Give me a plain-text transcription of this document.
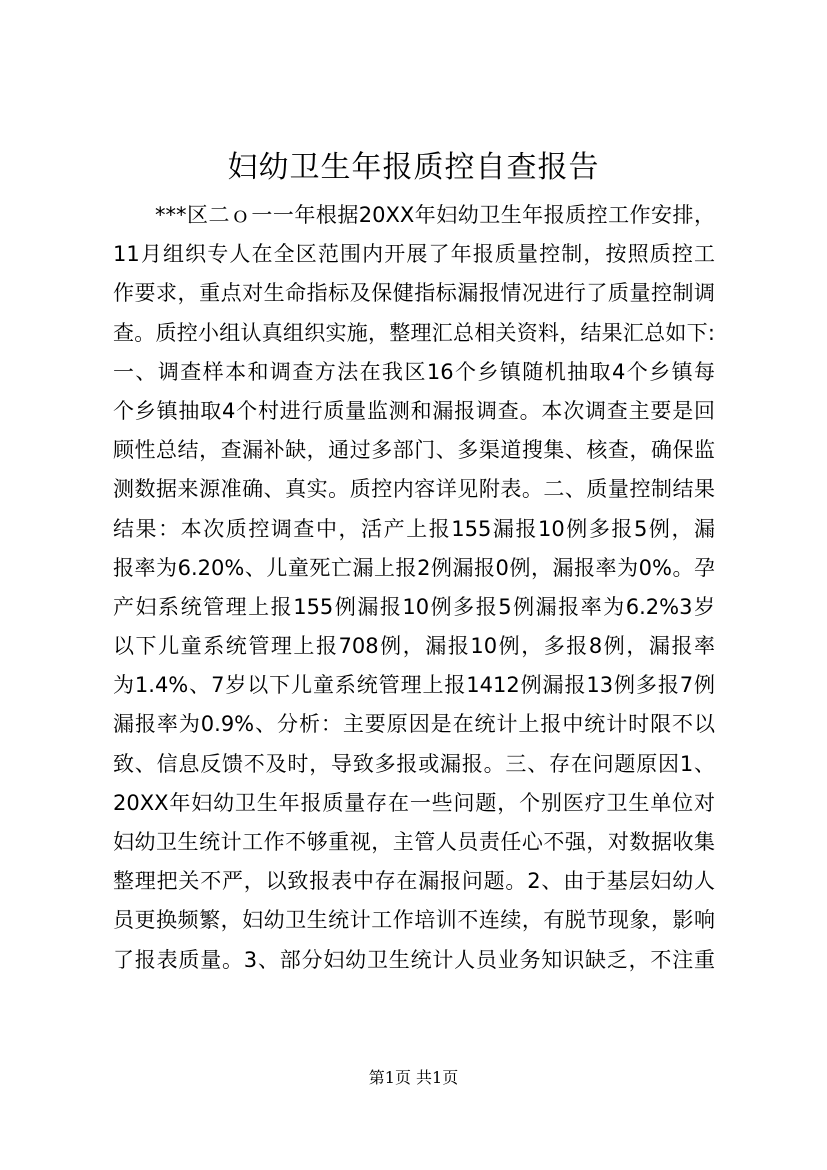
妇幼卫生年报质控自查报告
***区二ｏ一一年根据20XX年妇幼卫生年报质控工作安排，
11月组织专人在全区范围内开展了年报质量控制，按照质控工
作要求，重点对生命指标及保健指标漏报情况进行了质量控制调
查。质控小组认真组织实施，整理汇总相关资料，结果汇总如下:
一、调查样本和调查方法在我区16个乡镇随机抽取4个乡镇每
个乡镇抽取4个村进行质量监测和漏报调查。本次调查主要是回
顾性总结，查漏补缺，通过多部门、多渠道搜集、核查，确保监
测数据来源准确、真实。质控内容详见附表。二、质量控制结果
结果：本次质控调查中，活产上报155漏报10例多报5例，漏
报率为6.20%、儿童死亡漏上报2例漏报0例，漏报率为0%。孕
产妇系统管理上报155例漏报10例多报5例漏报率为6.2%3岁
以下儿童系统管理上报708例，漏报10例，多报8例，漏报率
为1.4%、7岁以下儿童系统管理上报1412例漏报13例多报7例
漏报率为0.9%、分析：主要原因是在统计上报中统计时限不以
致、信息反馈不及时，导致多报或漏报。三、存在问题原因1、
20XX年妇幼卫生年报质量存在一些问题，个别医疗卫生单位对
妇幼卫生统计工作不够重视，主管人员责任心不强，对数据收集
整理把关不严，以致报表中存在漏报问题。2、由于基层妇幼人
员更换频繁，妇幼卫生统计工作培训不连续，有脱节现象，影响
了报表质量。3、部分妇幼卫生统计人员业务知识缺乏，不注重
第1页 共1页
